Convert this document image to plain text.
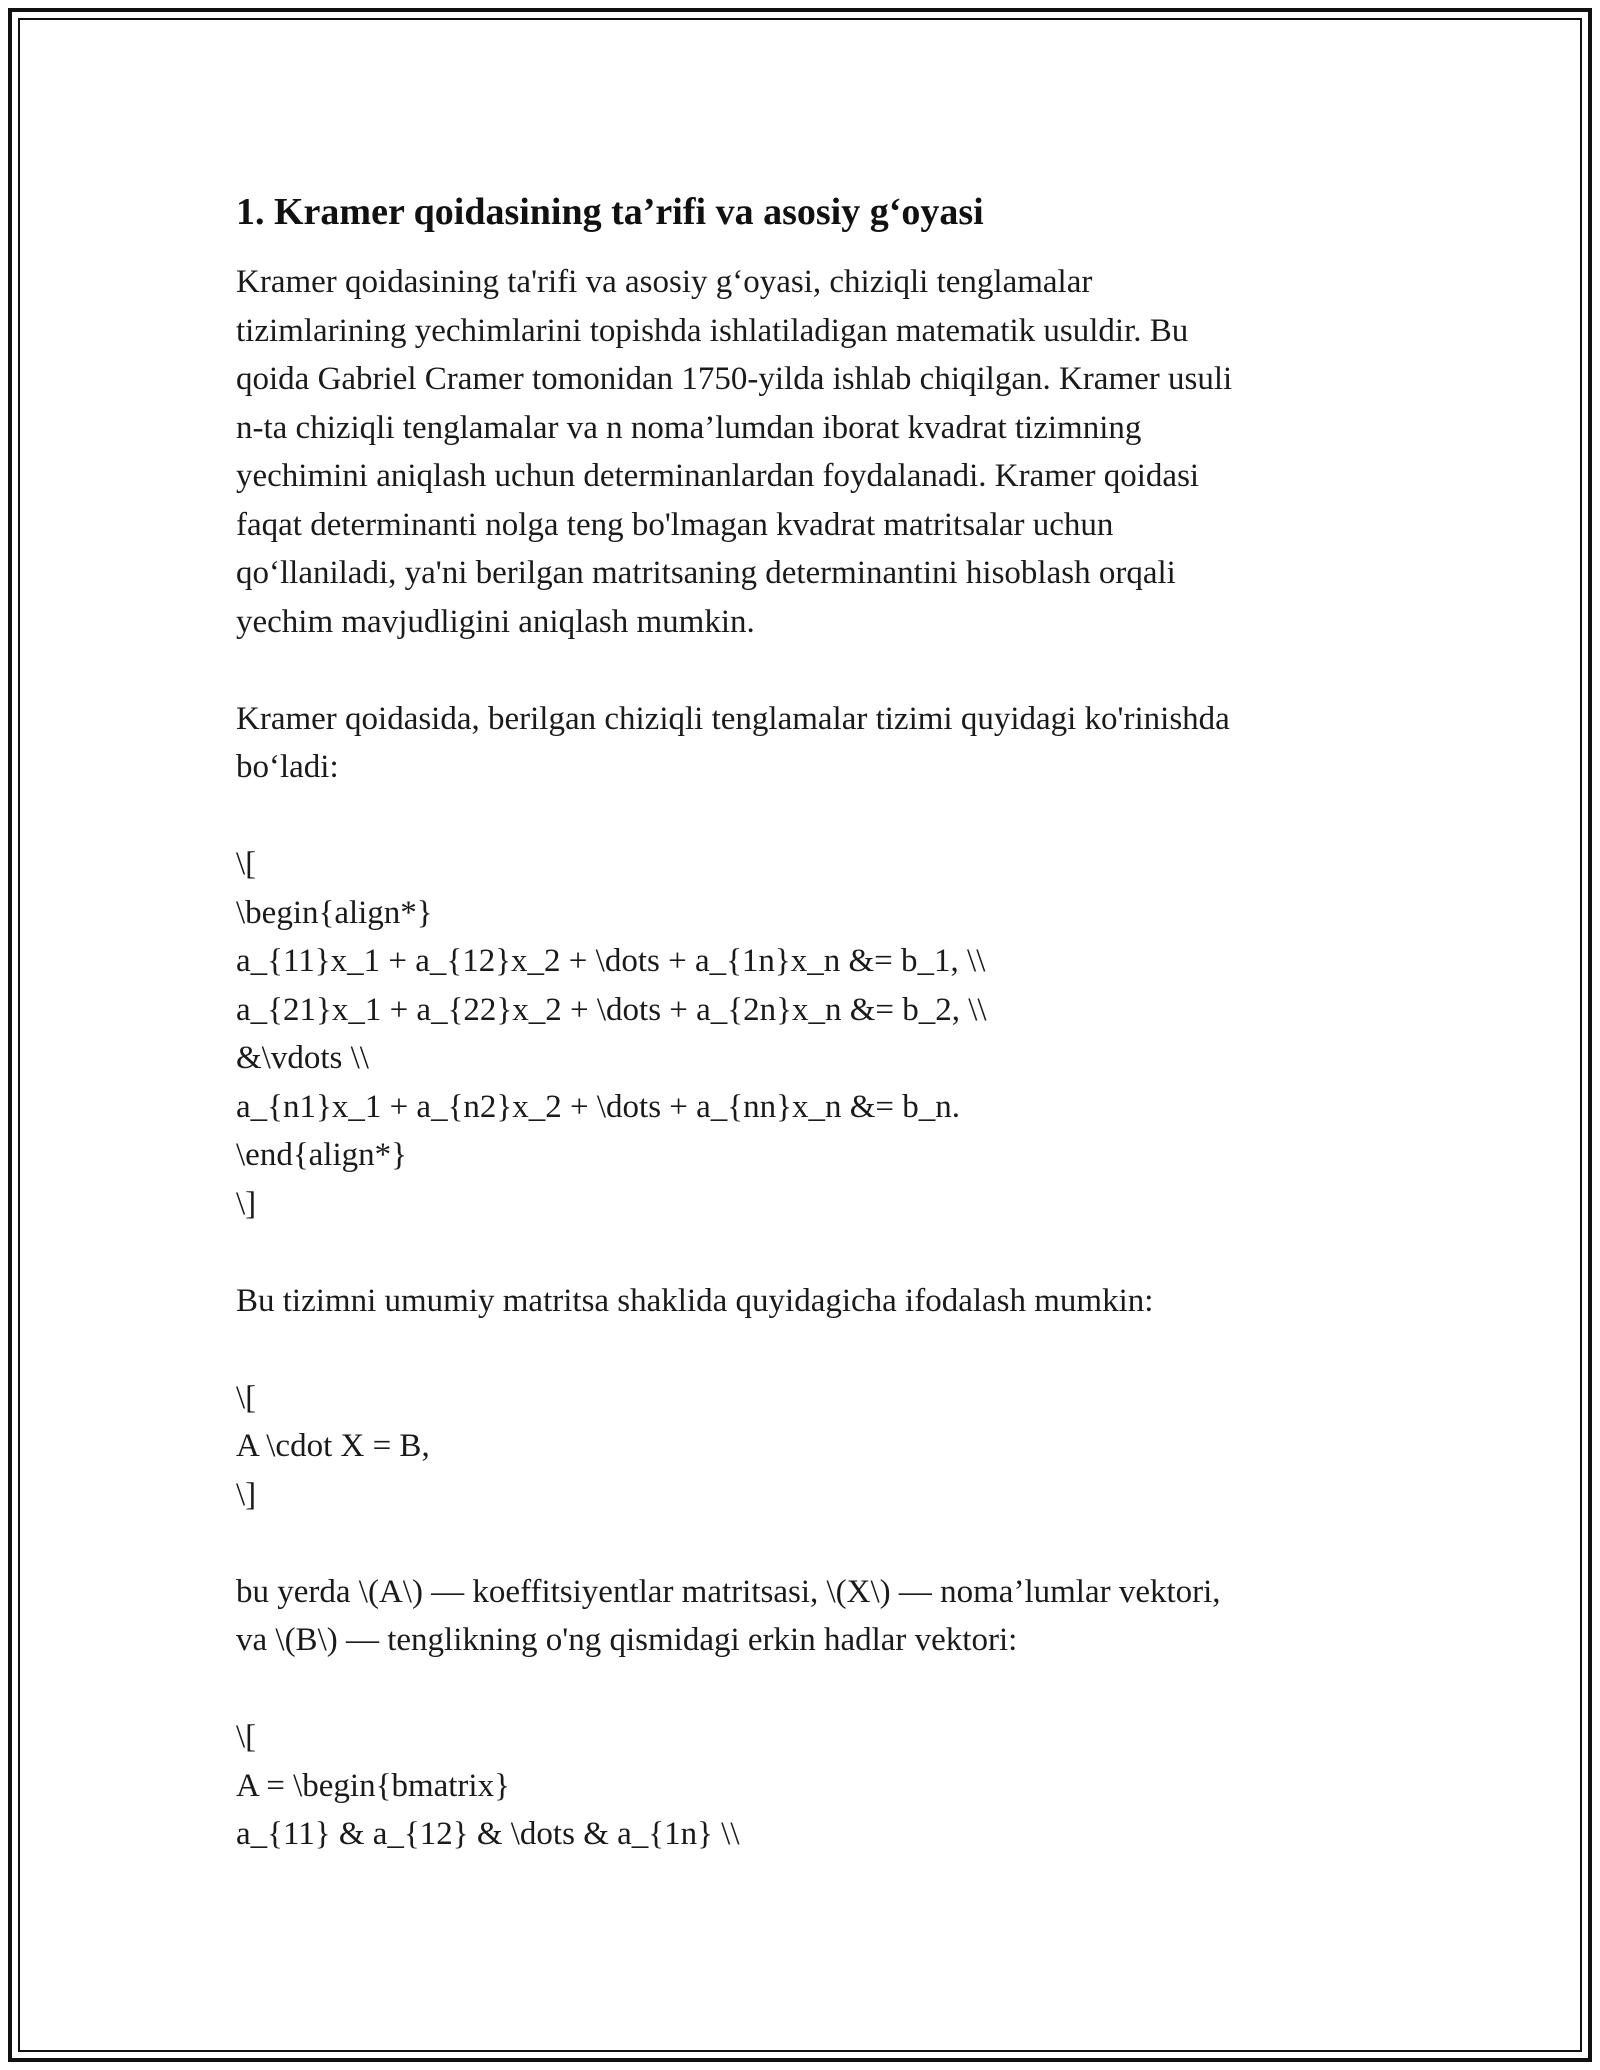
1. Kramer qoidasining ta’rifi va asosiy g‘oyasi
Kramer qoidasining ta'rifi va asosiy g‘oyasi, chiziqli tenglamalar
tizimlarining yechimlarini topishda ishlatiladigan matematik usuldir. Bu
qoida Gabriel Cramer tomonidan 1750-yilda ishlab chiqilgan. Kramer usuli
n-ta chiziqli tenglamalar va n noma’lumdan iborat kvadrat tizimning
yechimini aniqlash uchun determinanlardan foydalanadi. Kramer qoidasi
faqat determinanti nolga teng bo'lmagan kvadrat matritsalar uchun
qo‘llaniladi, ya'ni berilgan matritsaning determinantini hisoblash orqali
yechim mavjudligini aniqlash mumkin.
Kramer qoidasida, berilgan chiziqli tenglamalar tizimi quyidagi ko'rinishda
bo‘ladi:
\[
\begin{align*}
a_{11}x_1 + a_{12}x_2 + \dots + a_{1n}x_n &= b_1, \\
a_{21}x_1 + a_{22}x_2 + \dots + a_{2n}x_n &= b_2, \\
&\vdots \\
a_{n1}x_1 + a_{n2}x_2 + \dots + a_{nn}x_n &= b_n.
\end{align*}
\]
Bu tizimni umumiy matritsa shaklida quyidagicha ifodalash mumkin:
\[
A \cdot X = B,
\]
bu yerda \(A\) — koeffitsiyentlar matritsasi, \(X\) — noma’lumlar vektori,
va \(B\) — tenglikning o'ng qismidagi erkin hadlar vektori:
\[
A = \begin{bmatrix}
a_{11} & a_{12} & \dots & a_{1n} \\
